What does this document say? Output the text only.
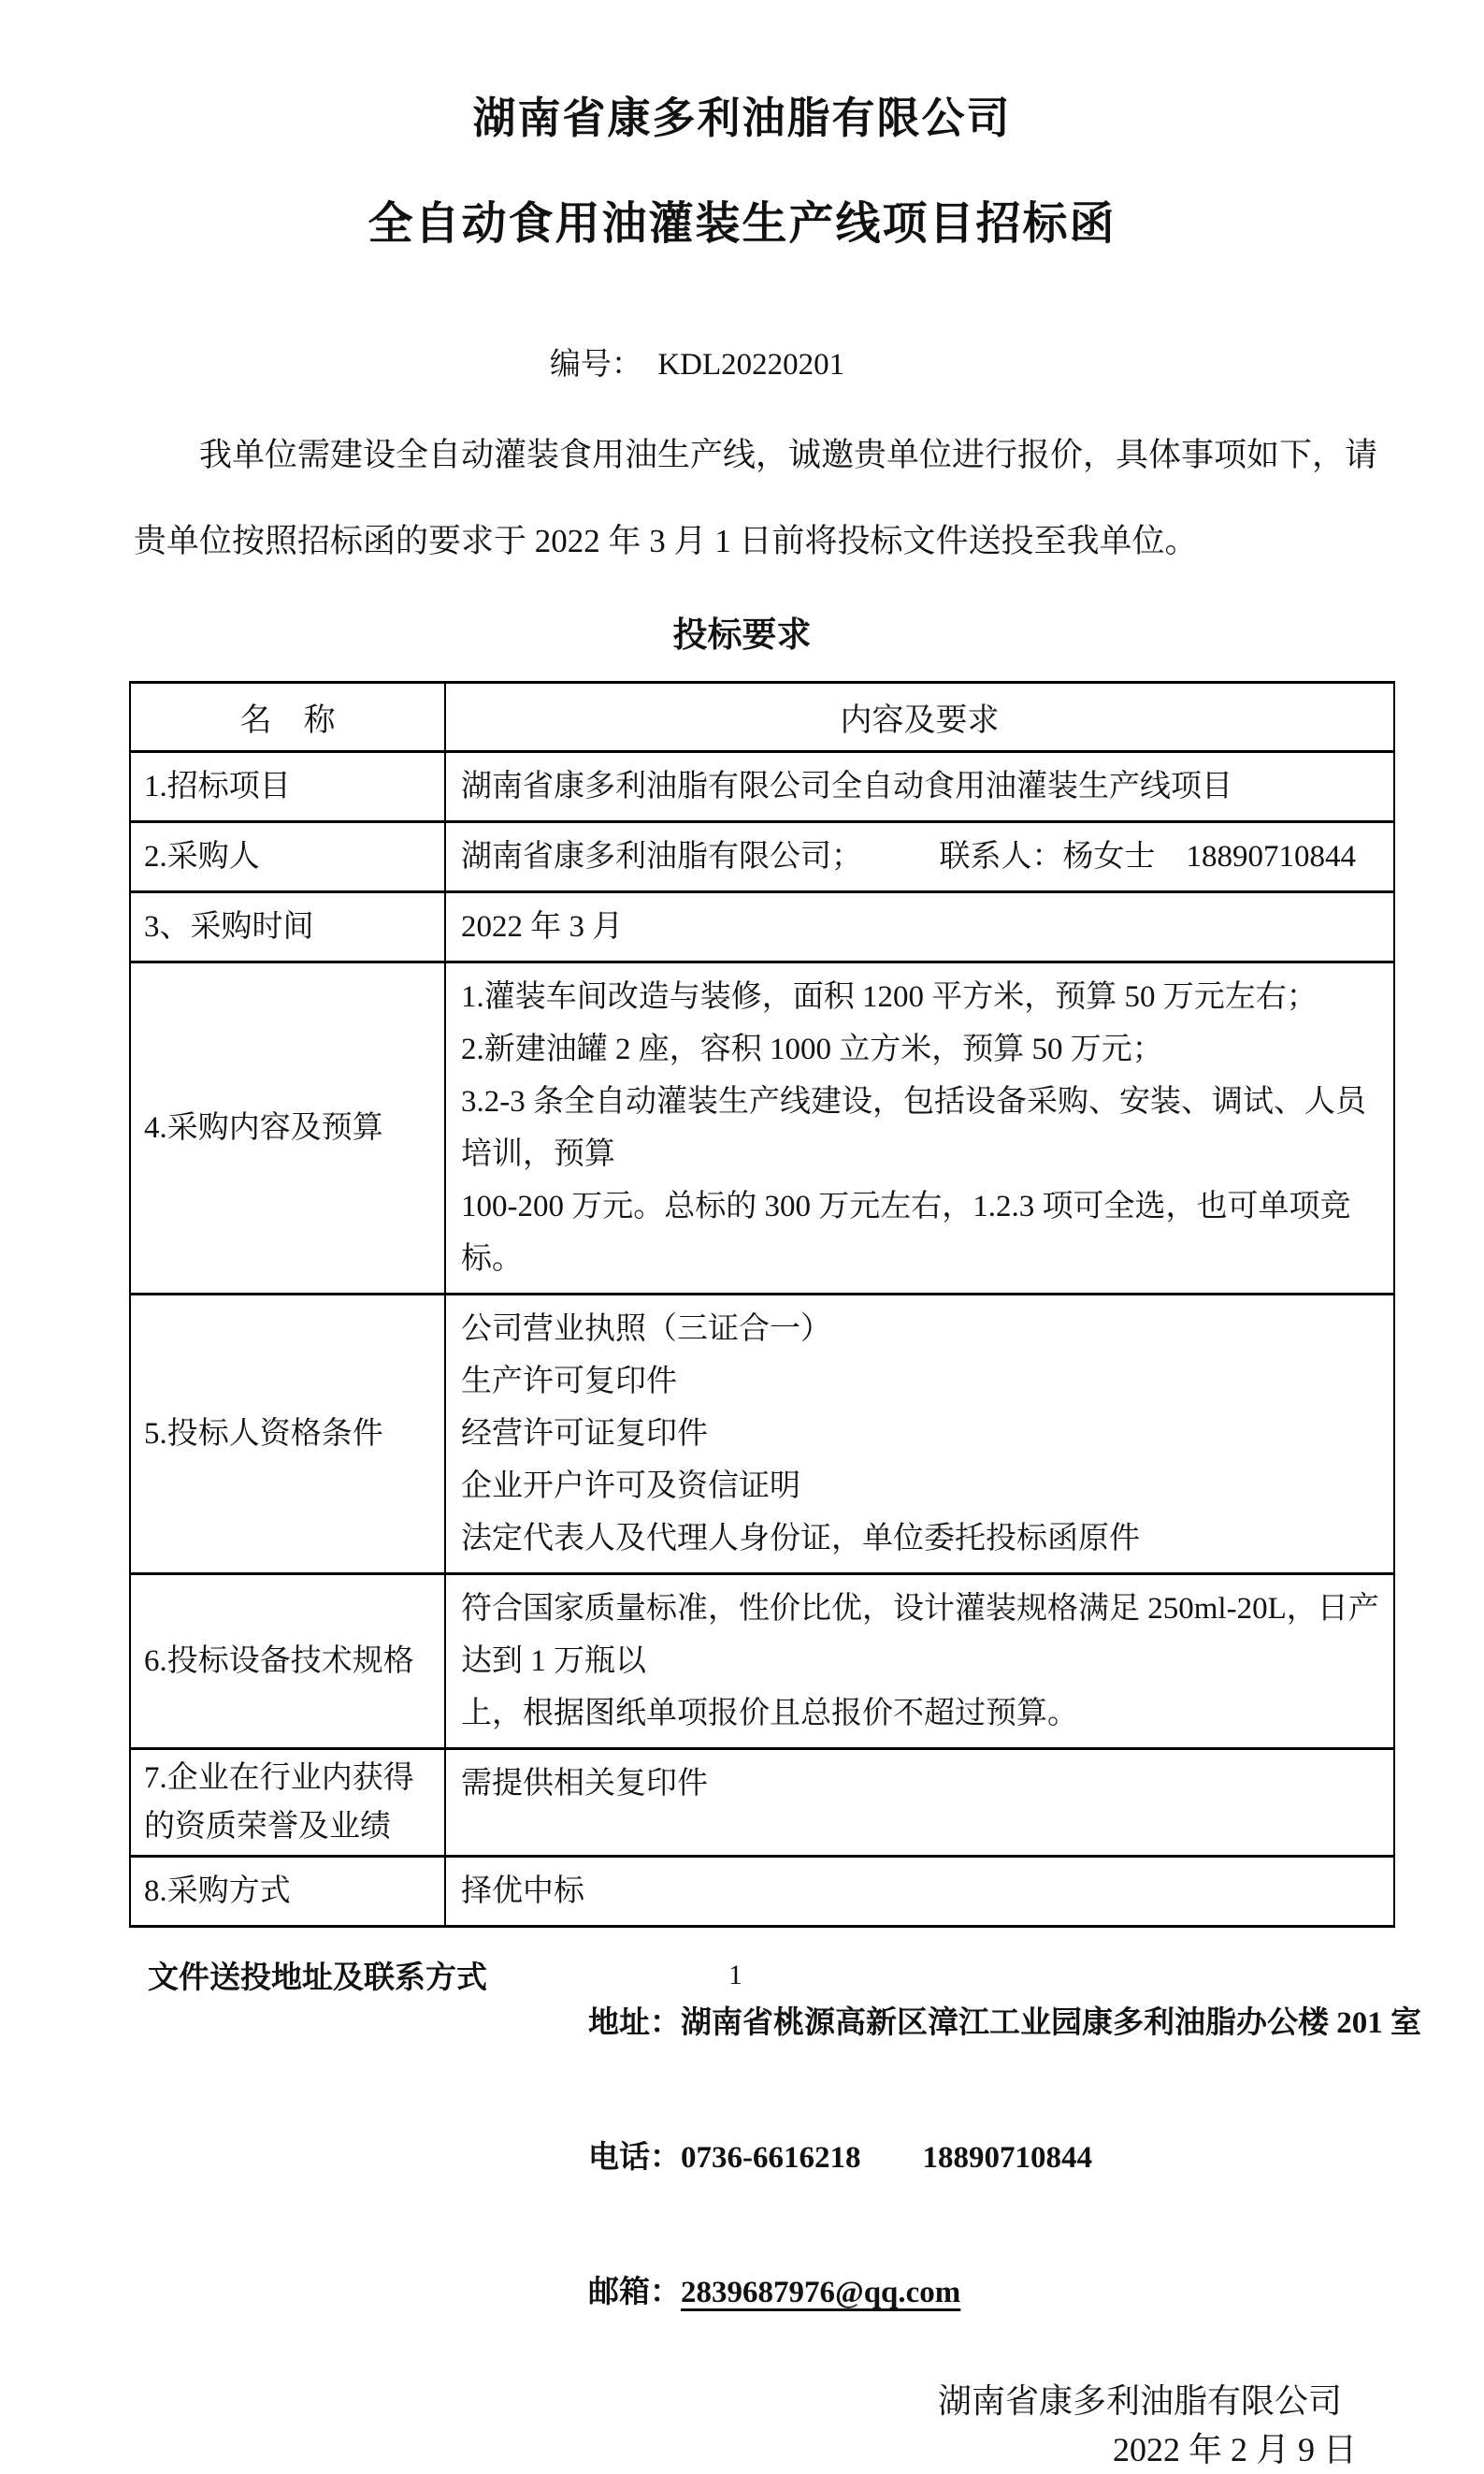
湖南省康多利油脂有限公司
全自动食用油灌装生产线项目招标函
编号：　KDL20220201
我单位需建设全自动灌装食用油生产线，诚邀贵单位进行报价，具体事项如下，请
贵单位按照招标函的要求于 2022 年 3 月 1 日前将投标文件送投至我单位。
投标要求
名　称	内容及要求

1.招标项目	湖南省康多利油脂有限公司全自动食用油灌装生产线项目

2.采购人	湖南省康多利油脂有限公司；　　　联系人：杨女士　18890710844

3、采购时间	2022 年 3 月

4.采购内容及预算	1.灌装车间改造与装修，面积 1200 平方米，预算 50 万元左右；

2.新建油罐 2 座，容积 1000 立方米，预算 50 万元；

3.2-3 条全自动灌装生产线建设，包括设备采购、安装、调试、人员培训，预算

100-200 万元。总标的 300 万元左右，1.2.3 项可全选，也可单项竞标。

5.投标人资格条件	公司营业执照（三证合一）

生产许可复印件

经营许可证复印件

企业开户许可及资信证明

法定代表人及代理人身份证，单位委托投标函原件

6.投标设备技术规格	符合国家质量标准，性价比优，设计灌装规格满足 250ml-20L，日产达到 1 万瓶以

上，根据图纸单项报价且总报价不超过预算。

7.企业在行业内获得的资质荣誉及业绩	需提供相关复印件

8.采购方式	择优中标

文件送投地址及联系方式

地址：湖南省桃源高新区漳江工业园康多利油脂办公楼 201 室

电话：0736-6616218　　18890710844

邮箱：2839687976@qq.com

湖南省康多利油脂有限公司
2022 年 2 月 9 日
1
